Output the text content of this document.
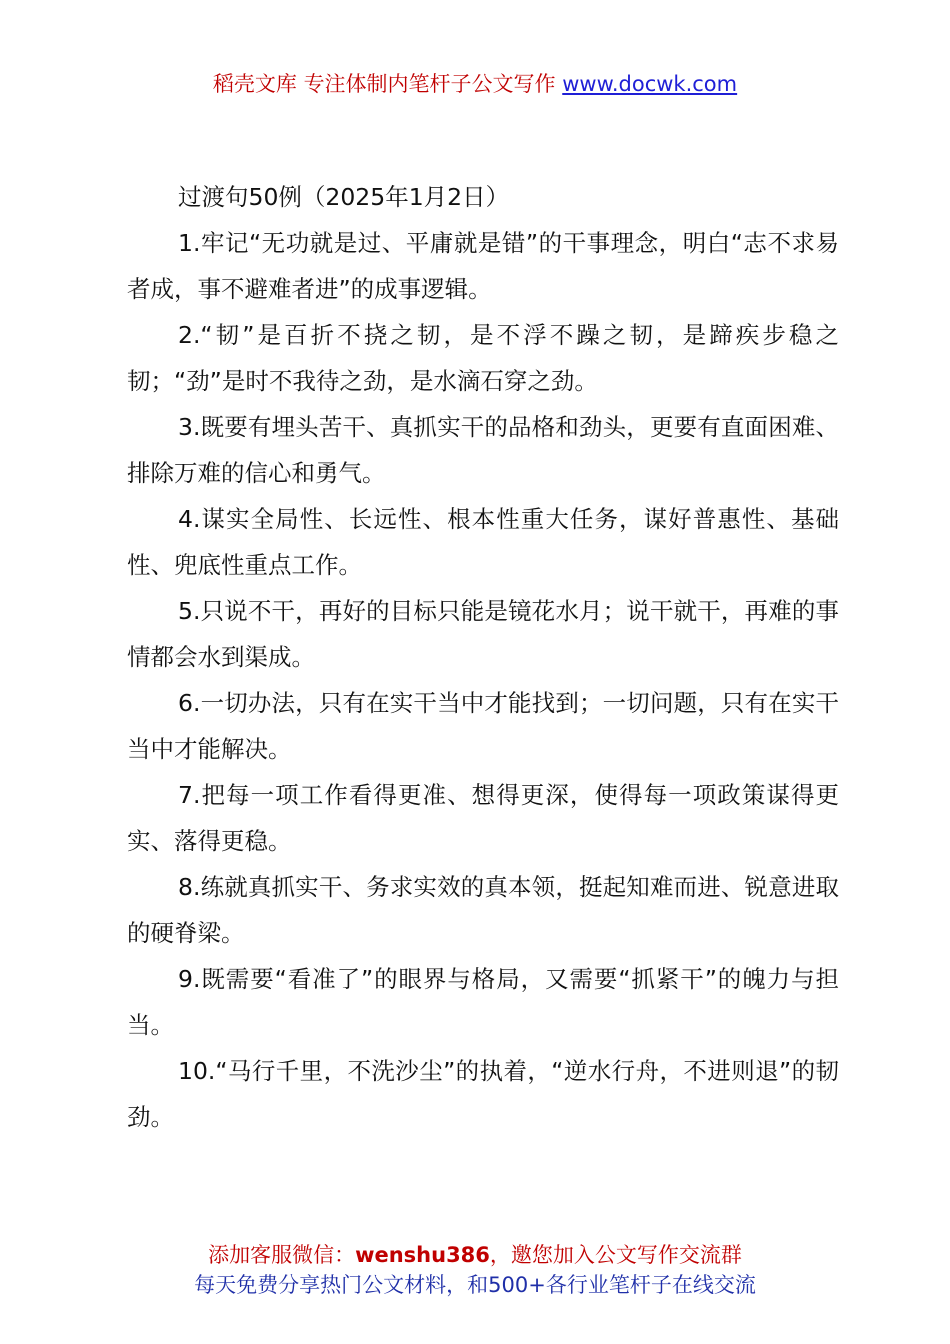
稻壳文库 专注体制内笔杆子公文写作 www.docwk.com

过渡句50例（2025年1月2日）

1.牢记“无功就是过、平庸就是错”的干事理念，明白“志不求易者成，事不避难者进”的成事逻辑。

2.“韧”是百折不挠之韧，是不浮不躁之韧，是蹄疾步稳之韧；“劲”是时不我待之劲，是水滴石穿之劲。

3.既要有埋头苦干、真抓实干的品格和劲头，更要有直面困难、排除万难的信心和勇气。

4.谋实全局性、长远性、根本性重大任务，谋好普惠性、基础性、兜底性重点工作。

5.只说不干，再好的目标只能是镜花水月；说干就干，再难的事情都会水到渠成。

6.一切办法，只有在实干当中才能找到；一切问题，只有在实干当中才能解决。

7.把每一项工作看得更准、想得更深，使得每一项政策谋得更实、落得更稳。

8.练就真抓实干、务求实效的真本领，挺起知难而进、锐意进取的硬脊梁。

9.既需要“看准了”的眼界与格局，又需要“抓紧干”的魄力与担当。

10.“马行千里，不洗沙尘”的执着，“逆水行舟，不进则退”的韧劲。

添加客服微信：wenshu386，邀您加入公文写作交流群
每天免费分享热门公文材料，和500+各行业笔杆子在线交流
